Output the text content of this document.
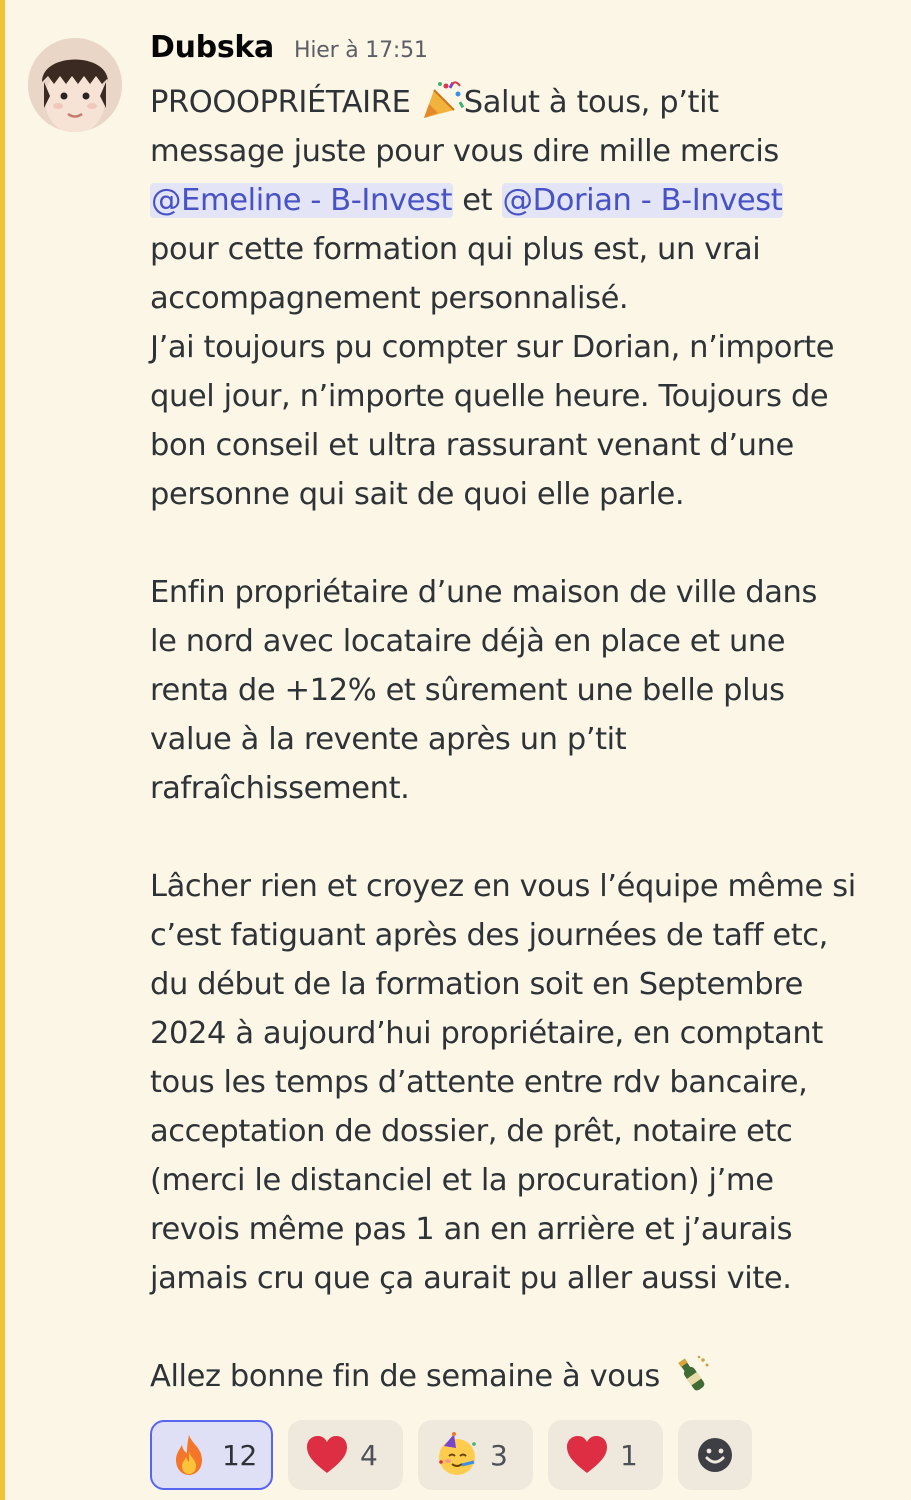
Dubska Hier à 17:51
PROOOPRIÉTAIRE Salut à tous, p’tit
message juste pour vous dire mille mercis
@Emeline - B-Invest et @Dorian - B-Invest
pour cette formation qui plus est, un vrai
accompagnement personnalisé.
J’ai toujours pu compter sur Dorian, n’importe
quel jour, n’importe quelle heure. Toujours de
bon conseil et ultra rassurant venant d’une
personne qui sait de quoi elle parle.
Enfin propriétaire d’une maison de ville dans
le nord avec locataire déjà en place et une
renta de +12% et sûrement une belle plus
value à la revente après un p’tit
rafraîchissement.
Lâcher rien et croyez en vous l’équipe même si
c’est fatiguant après des journées de taff etc,
du début de la formation soit en Septembre
2024 à aujourd’hui propriétaire, en comptant
tous les temps d’attente entre rdv bancaire,
acceptation de dossier, de prêt, notaire etc
(merci le distanciel et la procuration) j’me
revois même pas 1 an en arrière et j’aurais
jamais cru que ça aurait pu aller aussi vite.
Allez bonne fin de semaine à vous
12	4	3	1
